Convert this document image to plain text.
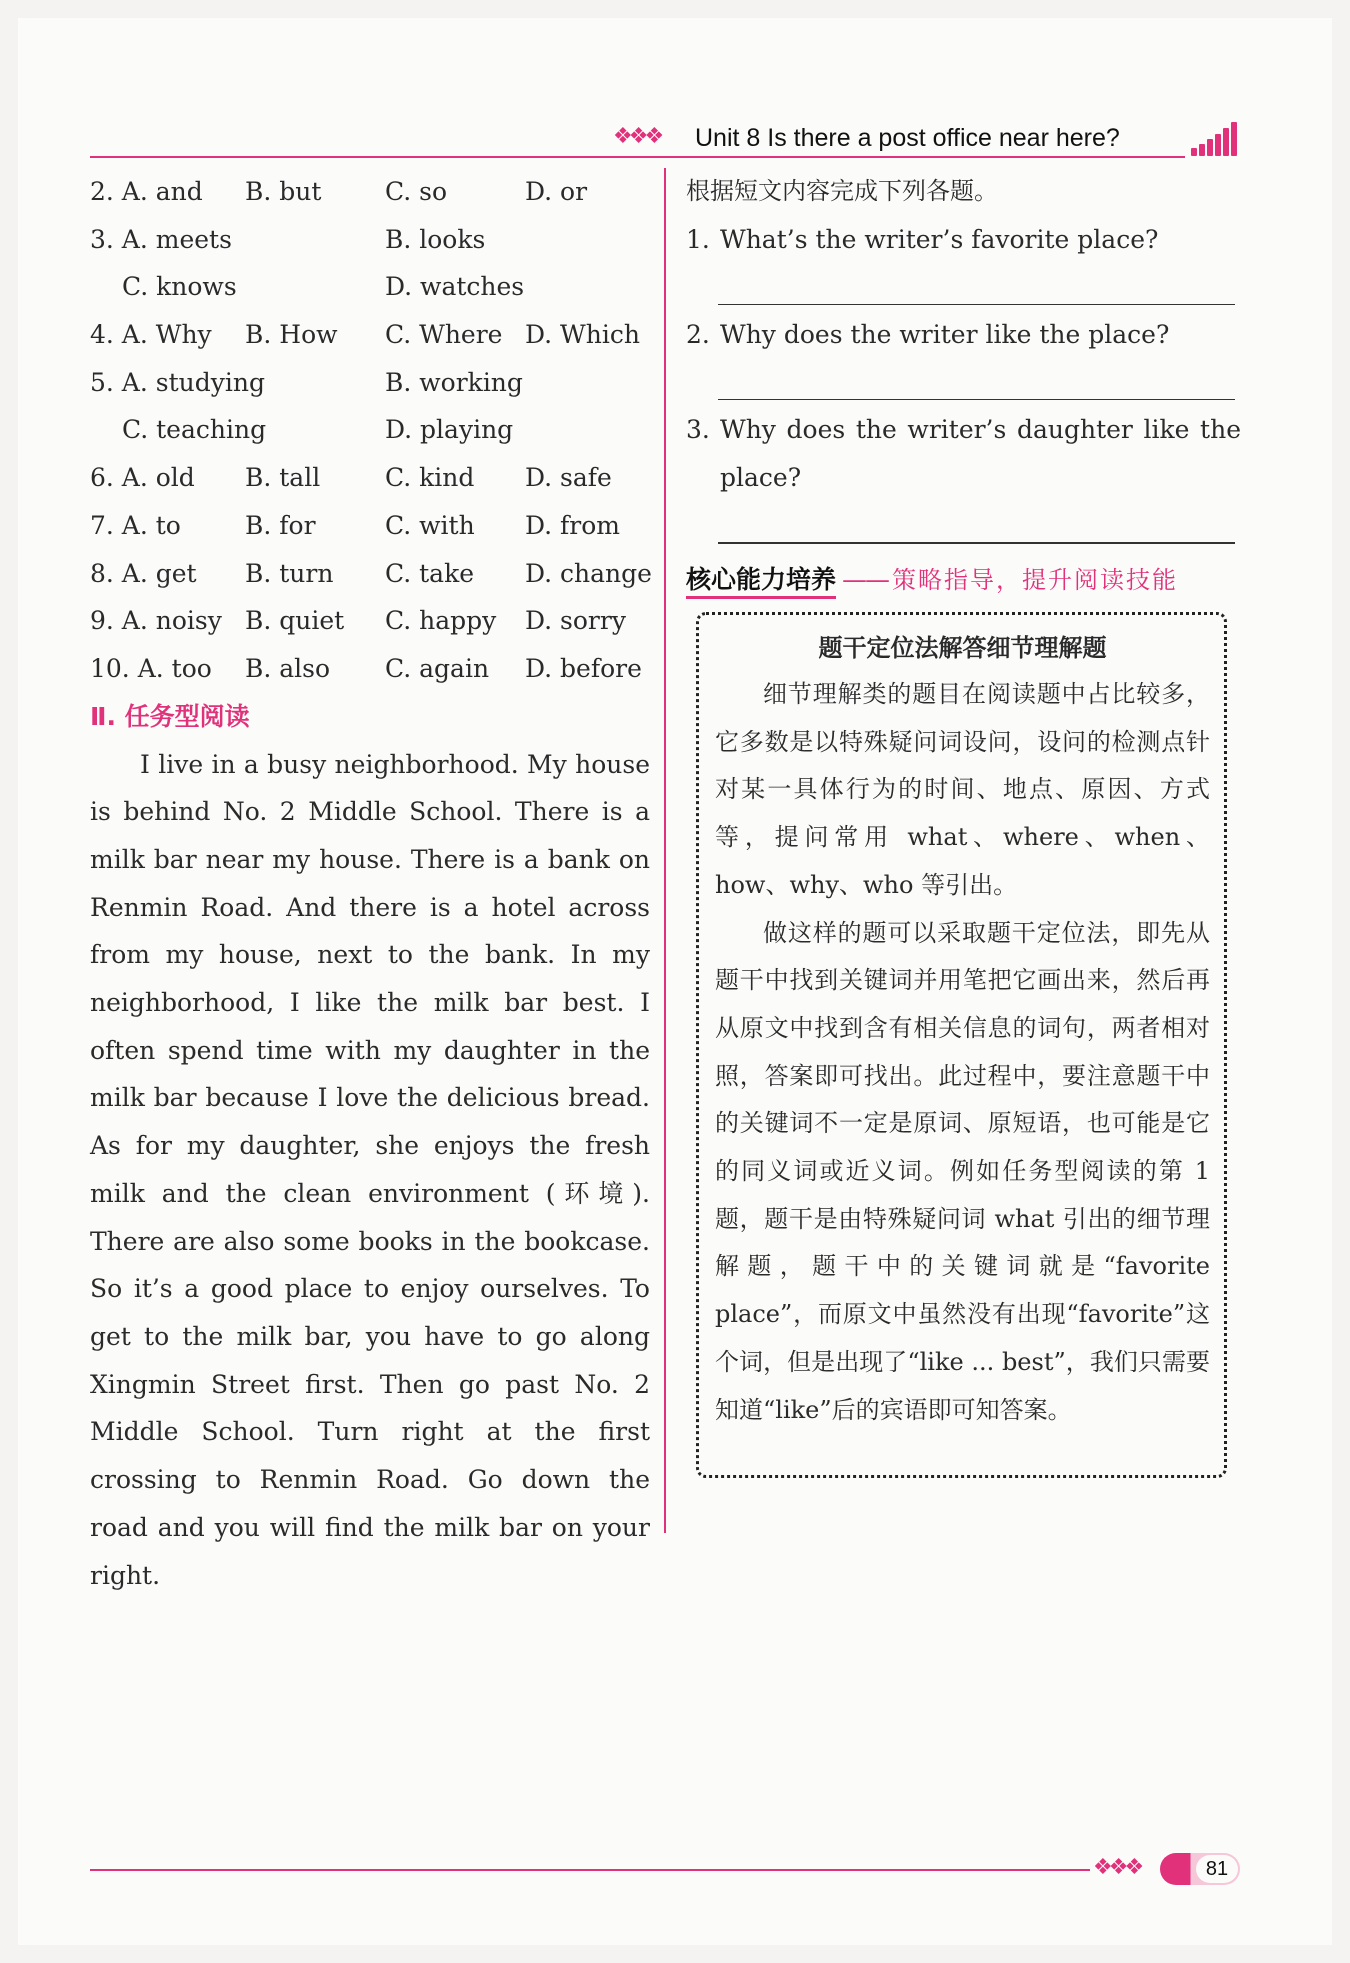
❖❖❖ Unit 8 Is there a post office near here?
2. A. and B. but	C. so	D. or
3. A. meets	B. looks
C. knows	D. watches
4. A. Why B. How C. Where D. Which
5. A. studying	B. working
C. teaching	D. playing
6. A. old B. tall	C. kind D. safe
7. A. to	B. for	C. with D. from
8. A. get B. turn C. take D. change
9. A. noisy B. quiet C. happy D. sorry
10. A. too B. also C. again D. before
Ⅱ. 任务型阅读

I live in a busy neighborhood. My house is behind No. 2 Middle School. There is a milk bar near my house. There is a bank on Renmin Road. And there is a hotel across from my house, next to the bank. In my neighborhood, I like the milk bar best. I often spend time with my daughter in the milk bar because I love the delicious bread. As for my daughter, she enjoys the fresh milk and the clean environment (环境). There are also some books in the bookcase. So it’s a good place to enjoy ourselves. To get to the milk bar, you have to go along Xingmin Street first. Then go past No. 2 Middle School. Turn right at the first crossing to Renmin Road. Go down the road and you will find the milk bar on your right.

根据短文内容完成下列各题。
1. What’s the writer’s favorite place?
2. Why does the writer like the place?
3. Why does the writer’s daughter like the place?
核心能力培养 —— 策略指导，提升阅读技能
题干定位法解答细节理解题

细节理解类的题目在阅读题中占比较多，它多数是以特殊疑问词设问，设问的检测点针对某一具体行为的时间、地点、原因、方式等，提问常用 what、where、when、how、why、who 等引出。

做这样的题可以采取题干定位法，即先从题干中找到关键词并用笔把它画出来，然后再从原文中找到含有相关信息的词句，两者相对照，答案即可找出。此过程中，要注意题干中的关键词不一定是原词、原短语，也可能是它的同义词或近义词。例如任务型阅读的第 1 题，题干是由特殊疑问词 what 引出的细节理解题，题干中的关键词就是“favorite place”，而原文中虽然没有出现“favorite”这个词，但是出现了“like ... best”，我们只需要知道“like”后的宾语即可知答案。

❖❖❖	81
